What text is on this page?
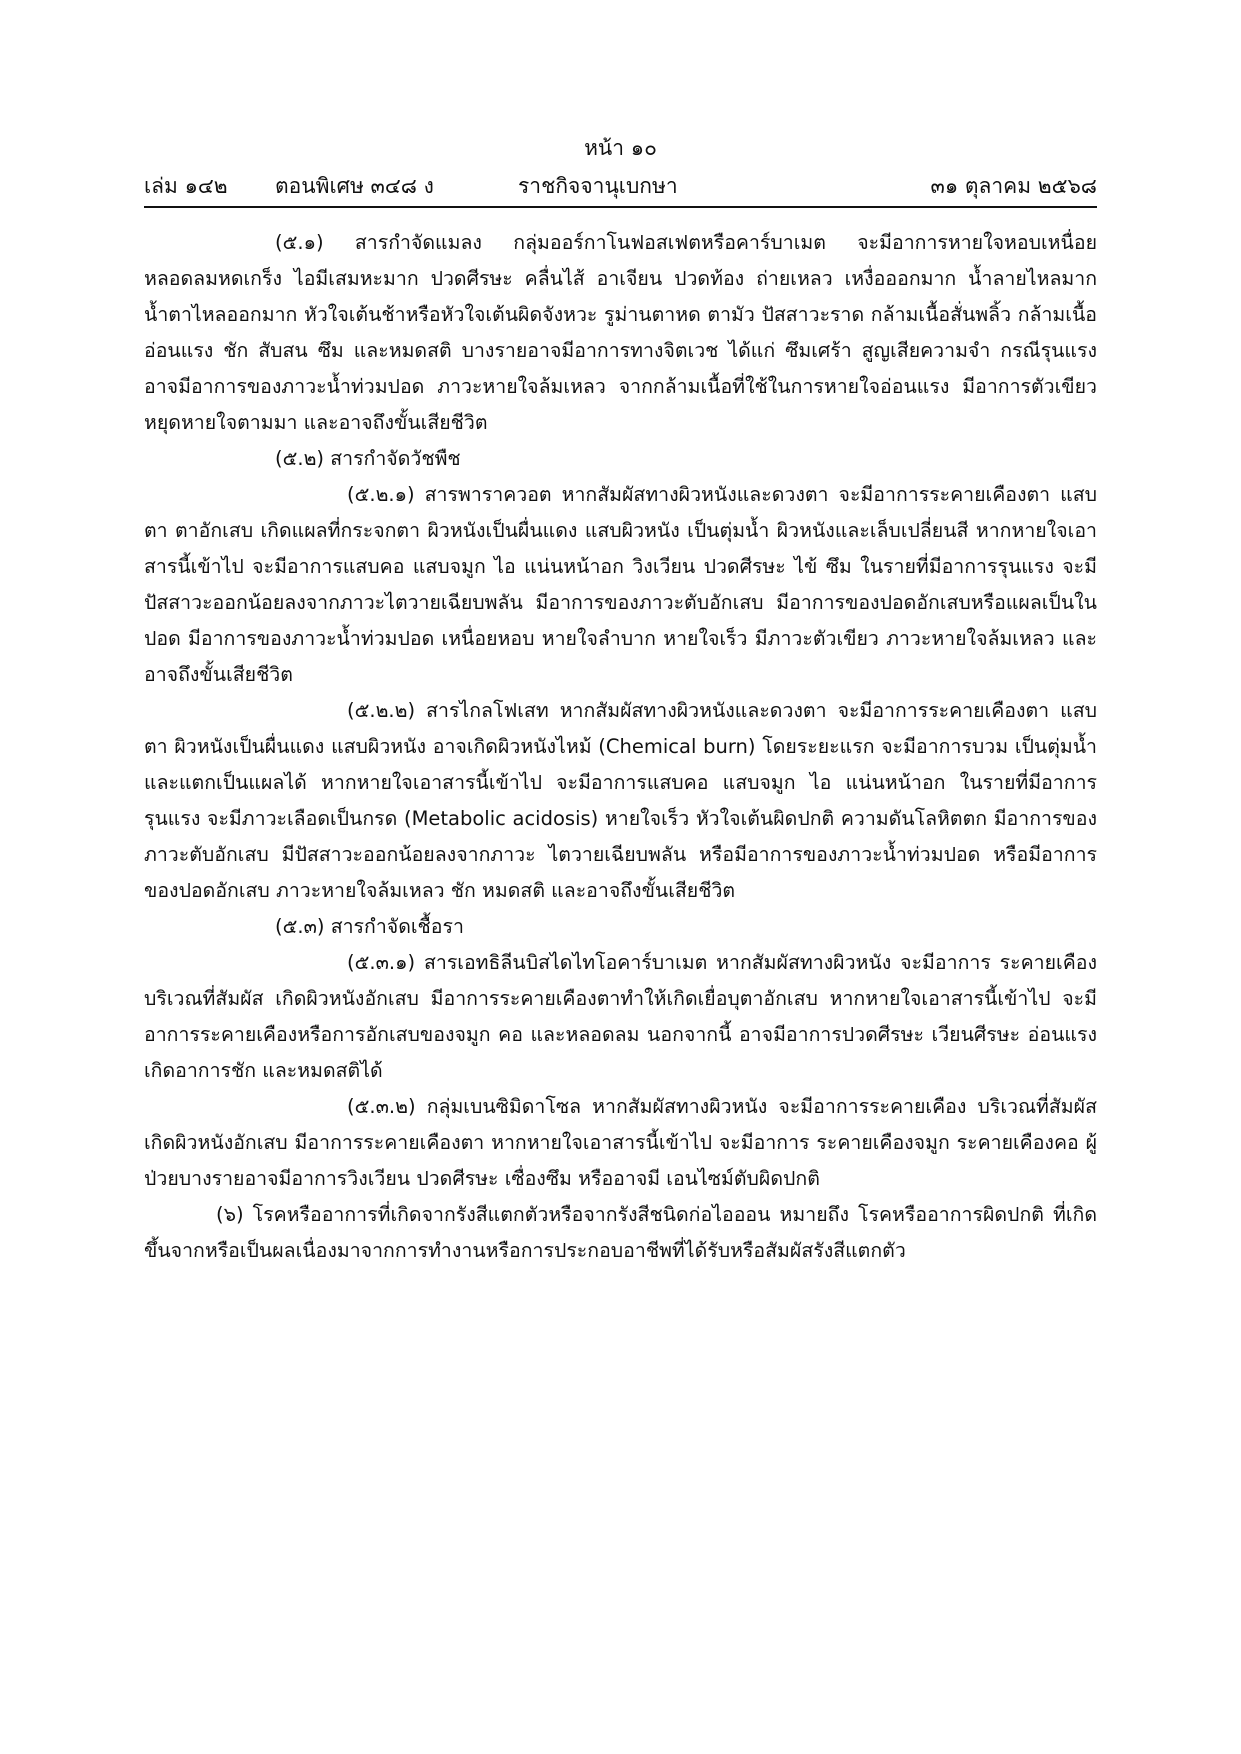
หน้า ๑๐
เล่ม ๑๔๒ ตอนพิเศษ ๓๔๘ ง	ราชกิจจานุเบกษา	๓๑ ตุลาคม ๒๕๖๘

(๕.๑) สารกำจัดแมลง กลุ่มออร์กาโนฟอสเฟตหรือคาร์บาเมต จะมีอาการหายใจหอบเหนื่อย หลอดลมหดเกร็ง ไอมีเสมหะมาก ปวดศีรษะ คลื่นไส้ อาเจียน ปวดท้อง ถ่ายเหลว เหงื่อออกมาก น้ำลายไหลมาก น้ำตาไหลออกมาก หัวใจเต้นช้าหรือหัวใจเต้นผิดจังหวะ รูม่านตาหด ตามัว ปัสสาวะราด กล้ามเนื้อสั่นพลิ้ว กล้ามเนื้ออ่อนแรง ชัก สับสน ซึม และหมดสติ บางรายอาจมีอาการทางจิตเวช ได้แก่ ซึมเศร้า สูญเสียความจำ กรณีรุนแรงอาจมีอาการของภาวะน้ำท่วมปอด ภาวะหายใจล้มเหลว จากกล้ามเนื้อที่ใช้ในการหายใจอ่อนแรง มีอาการตัวเขียว หยุดหายใจตามมา และอาจถึงขั้นเสียชีวิต

(๕.๒) สารกำจัดวัชพืช

(๕.๒.๑) สารพาราควอต หากสัมผัสทางผิวหนังและดวงตา จะมีอาการระคายเคืองตา แสบตา ตาอักเสบ เกิดแผลที่กระจกตา ผิวหนังเป็นผื่นแดง แสบผิวหนัง เป็นตุ่มน้ำ ผิวหนังและเล็บเปลี่ยนสี หากหายใจเอาสารนี้เข้าไป จะมีอาการแสบคอ แสบจมูก ไอ แน่นหน้าอก วิงเวียน ปวดศีรษะ ไข้ ซึม ในรายที่มีอาการรุนแรง จะมีปัสสาวะออกน้อยลงจากภาวะไตวายเฉียบพลัน มีอาการของภาวะตับอักเสบ มีอาการของปอดอักเสบหรือแผลเป็นในปอด มีอาการของภาวะน้ำท่วมปอด เหนื่อยหอบ หายใจลำบาก หายใจเร็ว มีภาวะตัวเขียว ภาวะหายใจล้มเหลว และอาจถึงขั้นเสียชีวิต

(๕.๒.๒) สารไกลโฟเสท หากสัมผัสทางผิวหนังและดวงตา จะมีอาการระคายเคืองตา แสบตา ผิวหนังเป็นผื่นแดง แสบผิวหนัง อาจเกิดผิวหนังไหม้ (Chemical burn) โดยระยะแรก จะมีอาการบวม เป็นตุ่มน้ำและแตกเป็นแผลได้ หากหายใจเอาสารนี้เข้าไป จะมีอาการแสบคอ แสบจมูก ไอ แน่นหน้าอก ในรายที่มีอาการรุนแรง จะมีภาวะเลือดเป็นกรด (Metabolic acidosis) หายใจเร็ว หัวใจเต้นผิดปกติ ความดันโลหิตตก มีอาการของภาวะตับอักเสบ มีปัสสาวะออกน้อยลงจากภาวะ ไตวายเฉียบพลัน หรือมีอาการของภาวะน้ำท่วมปอด หรือมีอาการของปอดอักเสบ ภาวะหายใจล้มเหลว ชัก หมดสติ และอาจถึงขั้นเสียชีวิต

(๕.๓) สารกำจัดเชื้อรา

(๕.๓.๑) สารเอทธิลีนบิสไดไทโอคาร์บาเมต หากสัมผัสทางผิวหนัง จะมีอาการ ระคายเคืองบริเวณที่สัมผัส เกิดผิวหนังอักเสบ มีอาการระคายเคืองตาทำให้เกิดเยื่อบุตาอักเสบ หากหายใจเอาสารนี้เข้าไป จะมีอาการระคายเคืองหรือการอักเสบของจมูก คอ และหลอดลม นอกจากนี้ อาจมีอาการปวดศีรษะ เวียนศีรษะ อ่อนแรง เกิดอาการชัก และหมดสติได้

(๕.๓.๒) กลุ่มเบนซิมิดาโซล หากสัมผัสทางผิวหนัง จะมีอาการระคายเคือง บริเวณที่สัมผัส เกิดผิวหนังอักเสบ มีอาการระคายเคืองตา หากหายใจเอาสารนี้เข้าไป จะมีอาการ ระคายเคืองจมูก ระคายเคืองคอ ผู้ป่วยบางรายอาจมีอาการวิงเวียน ปวดศีรษะ เซื่องซึม หรืออาจมี เอนไซม์ตับผิดปกติ

(๖) โรคหรืออาการที่เกิดจากรังสีแตกตัวหรือจากรังสีชนิดก่อไอออน หมายถึง โรคหรืออาการผิดปกติ ที่เกิดขึ้นจากหรือเป็นผลเนื่องมาจากการทำงานหรือการประกอบอาชีพที่ได้รับหรือสัมผัสรังสีแตกตัว
